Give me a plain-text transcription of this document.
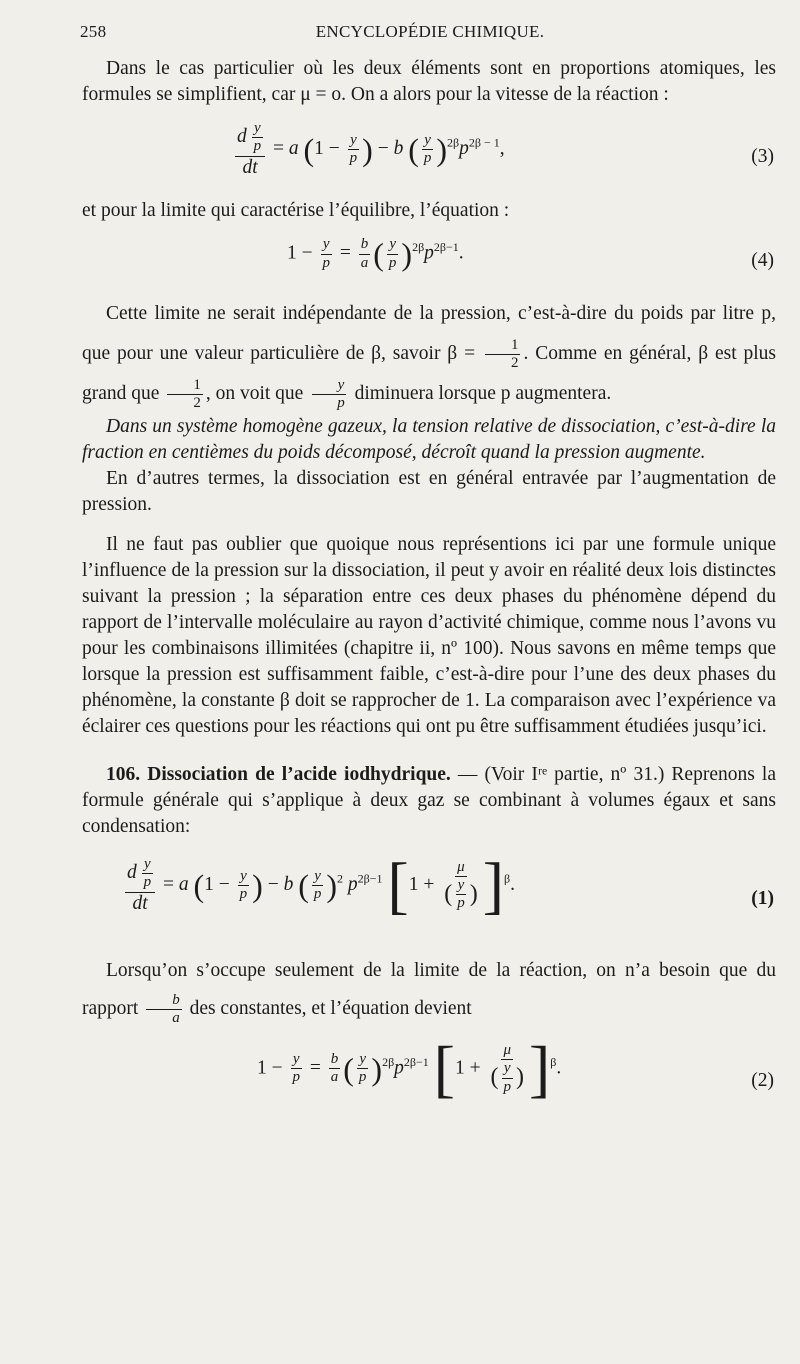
258	ENCYCLOPÉDIE CHIMIQUE.

Dans le cas particulier où les deux éléments sont en proportions atomiques, les formules se simplifient, car μ = o. On a alors pour la vitesse de la réaction :

$\frac{d \frac{y}{p}}{dt} = a$ ($1 - \frac{y}{p}$ ) − b ( $\frac{y}{p} )^{2\beta}p^{2\beta - 1}$,	(3)

et pour la limite qui caractérise l’équilibre, l’équation :

$1 - \frac{y}{p} = \frac{b}{a}$ ( $\frac{y}{p} )^{2\beta}p^{2\beta-1}$.	(4)

Cette limite ne serait indépendante de la pression, c’est-à-dire du poids par litre p, que pour une valeur particulière de β, savoir $\beta = \frac{1}{2}$ . Comme en général, β est plus grand que $\frac{1}{2}$ , on voit que $\frac{y}{p}$ diminuera lorsque p augmentera.

Dans un système homogène gazeux, la tension relative de dissociation, c’est-à-dire la fraction en centièmes du poids décomposé, décroît quand la pression augmente.

En d’autres termes, la dissociation est en général entravée par l’augmentation de pression.

Il ne faut pas oublier que quoique nous représentions ici par une formule unique l’influence de la pression sur la dissociation, il peut y avoir en réalité deux lois distinctes suivant la pression ; la séparation entre ces deux phases du phénomène dépend du rapport de l’intervalle moléculaire au rayon d’activité chimique, comme nous l’avons vu pour les combinaisons illimitées (chapitre ii, nº 100). Nous savons en même temps que lorsque la pression est suffisamment faible, c’est-à-dire pour l’une des deux phases du phénomène, la constante β doit se rapprocher de 1. La comparaison avec l’expérience va éclairer ces questions pour les réactions qui ont pu être suffisamment étudiées jusqu’ici.

106. Dissociation de l’acide iodhydrique. — (Voir Iʳᵉ partie, nº 31.) Reprenons la formule générale qui s’applique à deux gaz se combinant à volumes égaux et sans condensation:

$\frac{d \frac{y}{p}}{dt} = a$ ($1 - \frac{y}{p}$ ) − b ( $\frac{y}{p} )^2$ $p^{2\beta-1}$ $[1 + \frac{\mu}{( \frac{y}{p} )} ]^\beta$.
(1)

Lorsqu’on s’occupe seulement de la limite de la réaction, on n’a besoin que du rapport $\frac{b}{a}$ des constantes, et l’équation devient

$1 - \frac{y}{p} = \frac{b}{a}$ ( $\frac{y}{p} )^{2\beta}p^{2\beta-1}$ $[1 + \frac{\mu}{( \frac{y}{p} )} ]^\beta$.
(2)
